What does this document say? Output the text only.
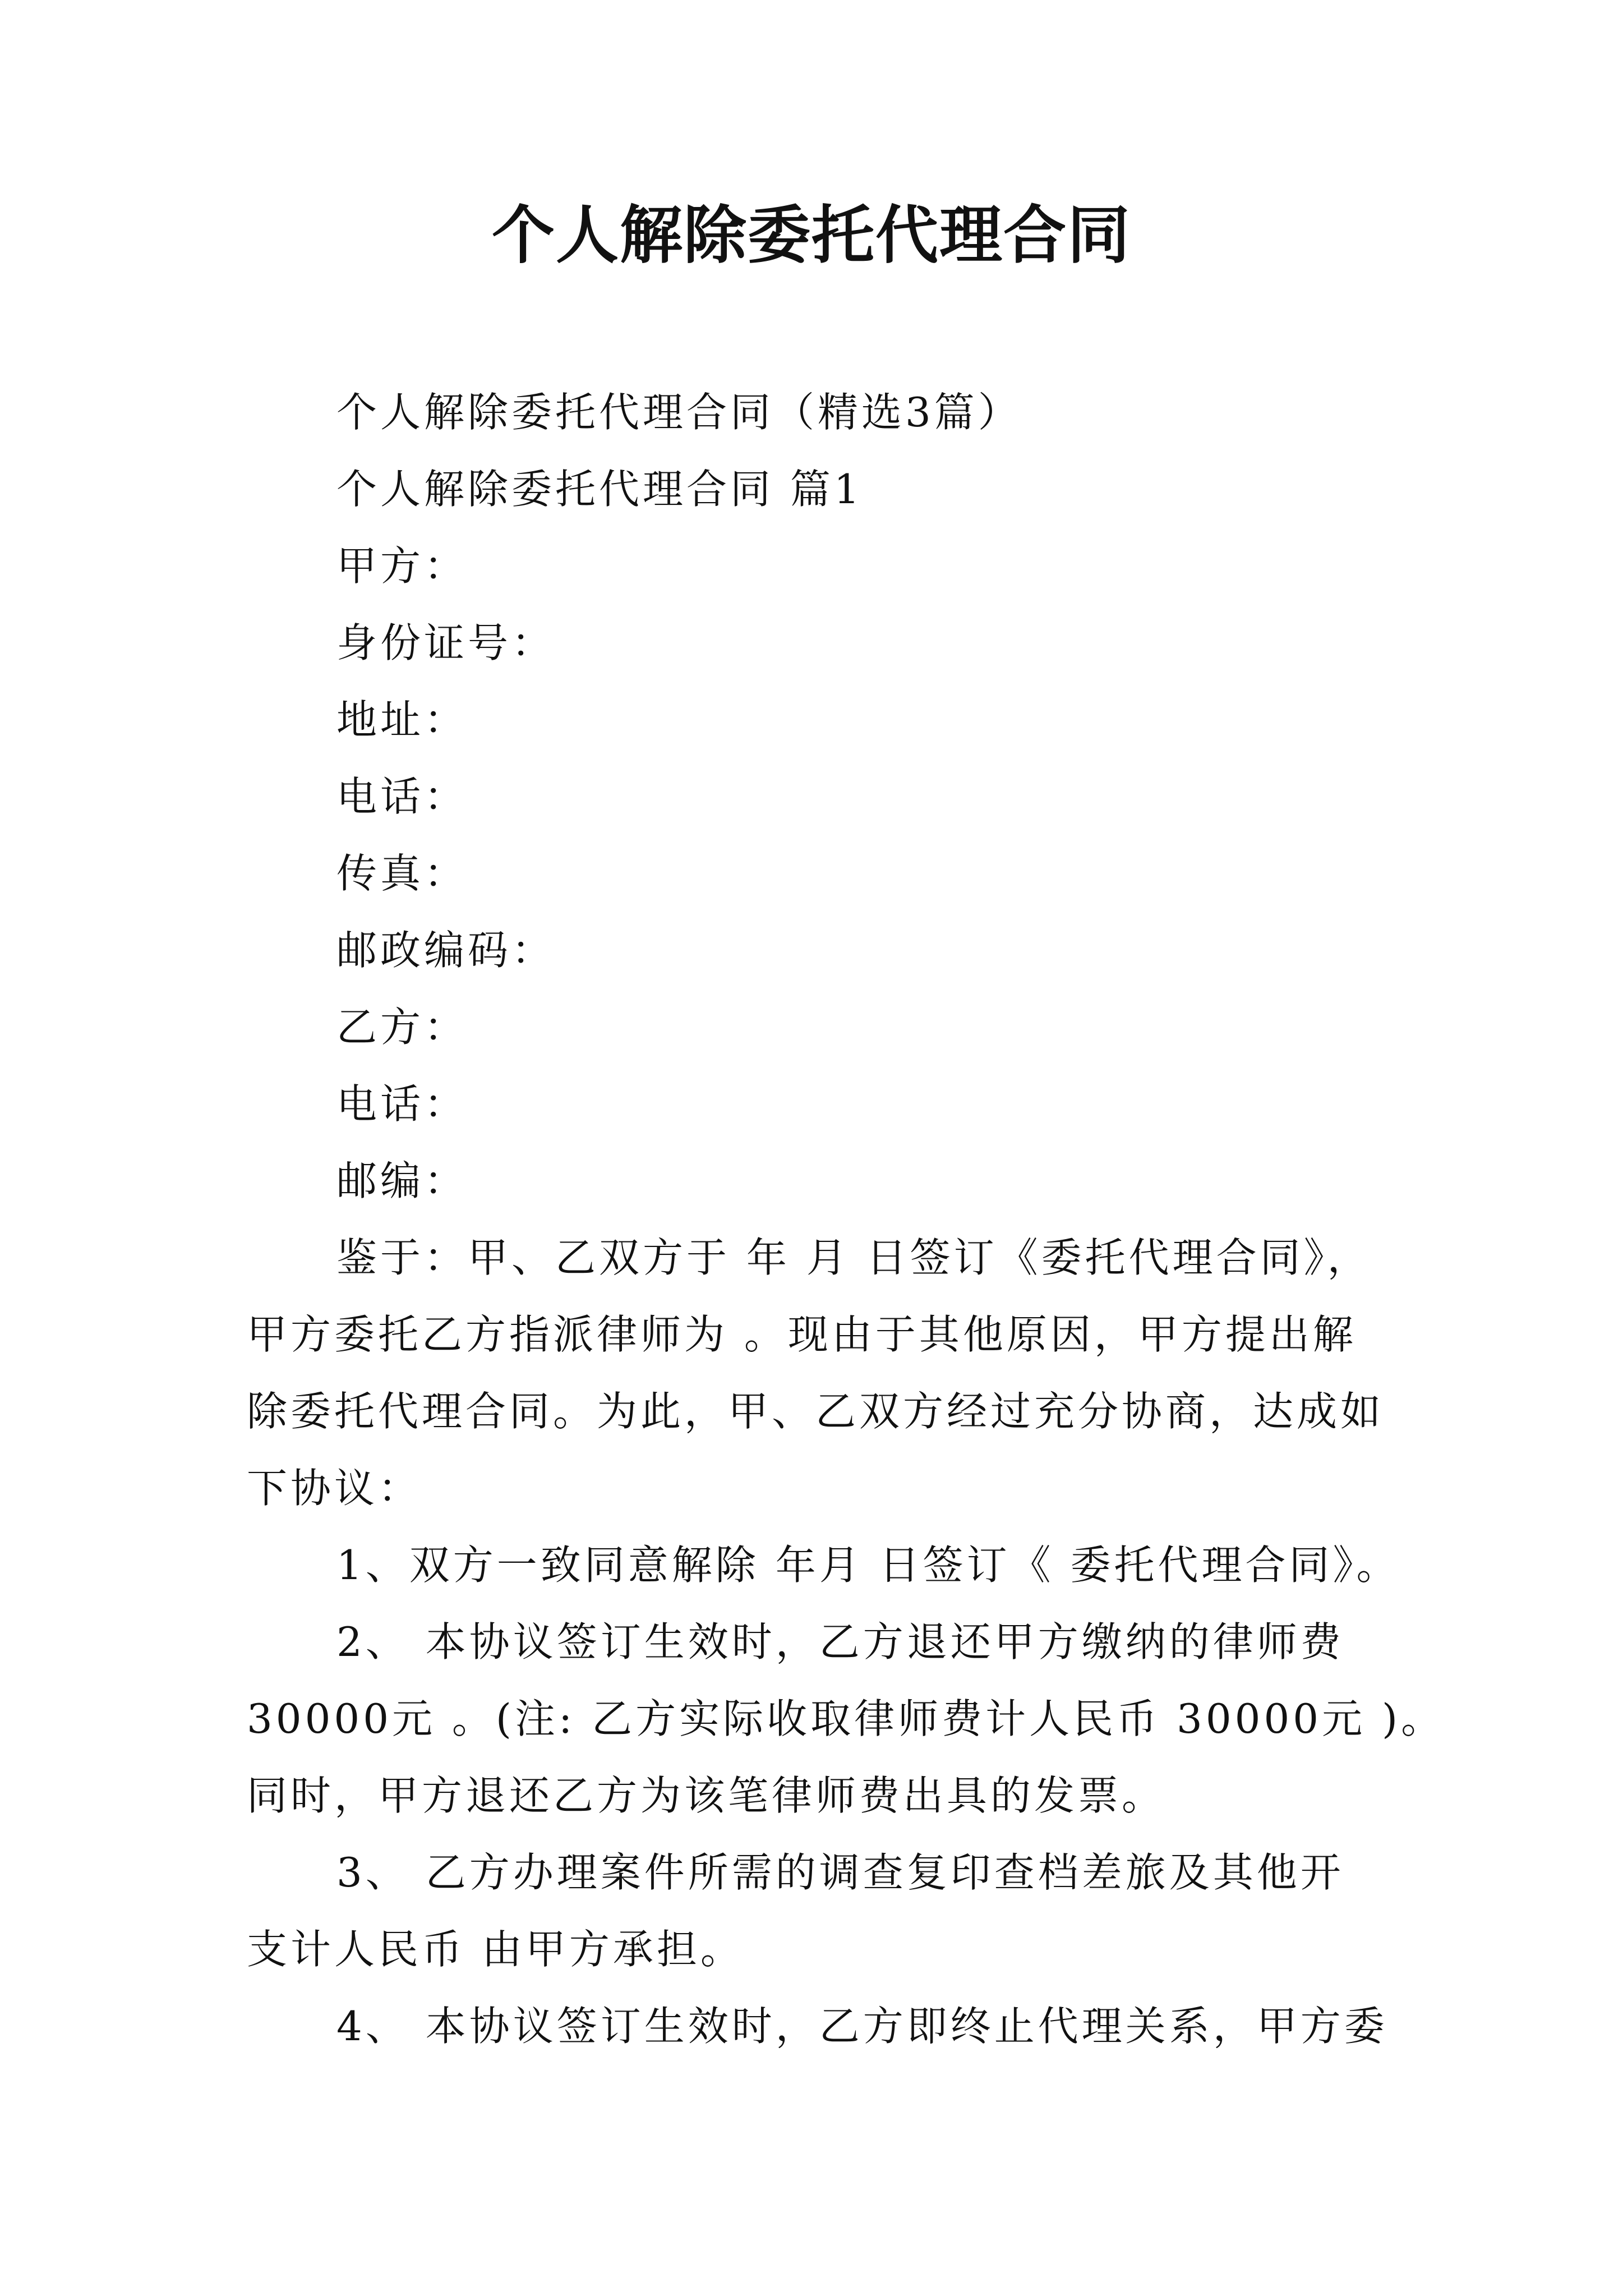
个人解除委托代理合同
个人解除委托代理合同（精选3篇）
个人解除委托代理合同 篇1
甲方：
身份证号：
地址：
电话：
传真：
邮政编码：
乙方：
电话：
邮编：
鉴于：甲、乙双方于 年 月 日签订《委托代理合同》，
甲方委托乙方指派律师为 。现由于其他原因，甲方提出解
除委托代理合同。为此，甲、乙双方经过充分协商，达成如
下协议：
1、双方一致同意解除 年月 日签订《 委托代理合同》。
2、 本协议签订生效时，乙方退还甲方缴纳的律师费
30000元 。(注: 乙方实际收取律师费计人民币 30000元 )。
同时，甲方退还乙方为该笔律师费出具的发票。
3、 乙方办理案件所需的调查复印查档差旅及其他开
支计人民币 由甲方承担。
4、 本协议签订生效时，乙方即终止代理关系，甲方委
